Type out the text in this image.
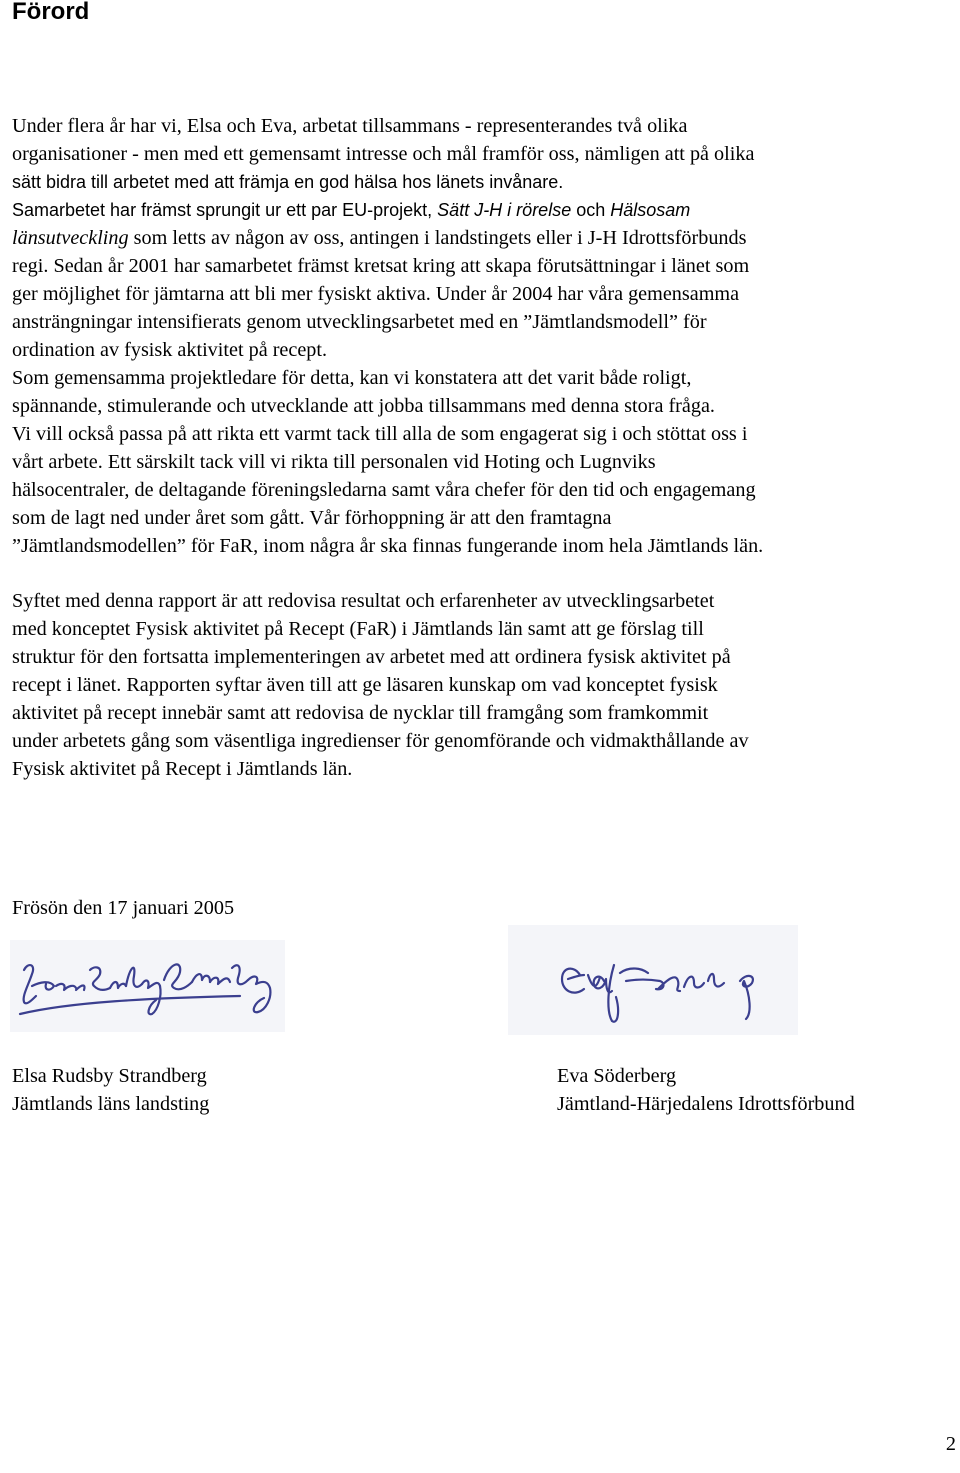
Förord
Under flera år har vi, Elsa och Eva, arbetat tillsammans - representerandes två olika
organisationer - men med ett gemensamt intresse och mål framför oss, nämligen att på olika
sätt bidra till arbetet med att främja en god hälsa hos länets invånare.
Samarbetet har främst sprungit ur ett par EU-projekt, Sätt J-H i rörelse och Hälsosam
länsutveckling som letts av någon av oss, antingen i landstingets eller i J-H Idrottsförbunds
regi. Sedan år 2001 har samarbetet främst kretsat kring att skapa förutsättningar i länet som
ger möjlighet för jämtarna att bli mer fysiskt aktiva. Under år 2004 har våra gemensamma
ansträngningar intensifierats genom utvecklingsarbetet med en ”Jämtlandsmodell” för
ordination av fysisk aktivitet på recept.
Som gemensamma projektledare för detta, kan vi konstatera att det varit både roligt,
spännande, stimulerande och utvecklande att jobba tillsammans med denna stora fråga.
Vi vill också passa på att rikta ett varmt tack till alla de som engagerat sig i och stöttat oss i
vårt arbete. Ett särskilt tack vill vi rikta till personalen vid Hoting och Lugnviks
hälsocentraler, de deltagande föreningsledarna samt våra chefer för den tid och engagemang
som de lagt ned under året som gått. Vår förhoppning är att den framtagna
”Jämtlandsmodellen” för FaR, inom några år ska finnas fungerande inom hela Jämtlands län.
Syftet med denna rapport är att redovisa resultat och erfarenheter av utvecklingsarbetet
med konceptet Fysisk aktivitet på Recept (FaR) i Jämtlands län samt att ge förslag till
struktur för den fortsatta implementeringen av arbetet med att ordinera fysisk aktivitet på
recept i länet. Rapporten syftar även till att ge läsaren kunskap om vad konceptet fysisk
aktivitet på recept innebär samt att redovisa de nycklar till framgång som framkommit
under arbetets gång som väsentliga ingredienser för genomförande och vidmakthållande av
Fysisk aktivitet på Recept i Jämtlands län.
Frösön den 17 januari 2005
Elsa Rudsby Strandberg
Jämtlands läns landsting
Eva Söderberg
Jämtland-Härjedalens Idrottsförbund
2
